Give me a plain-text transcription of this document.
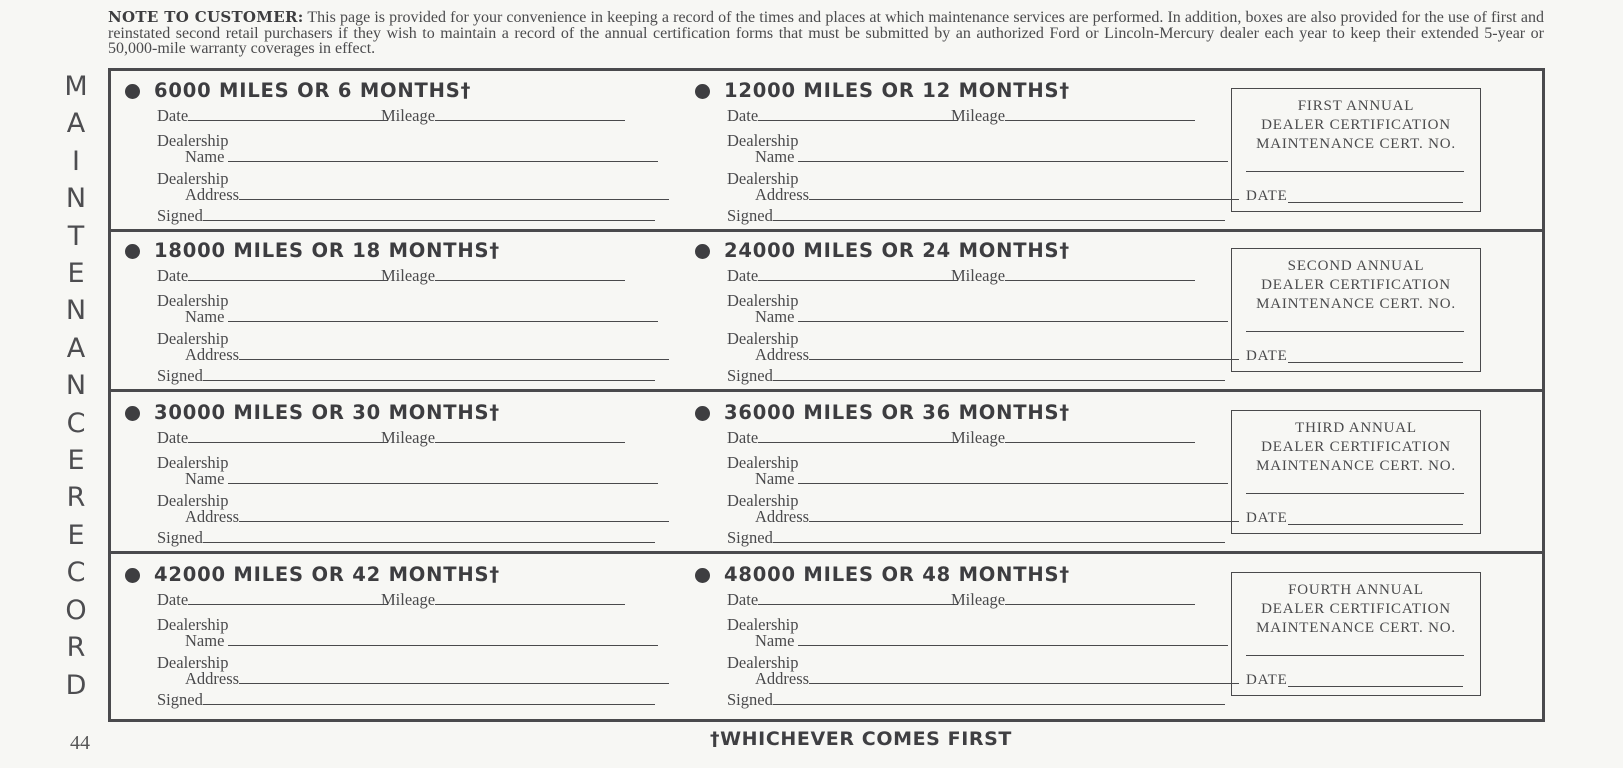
NOTE TO CUSTOMER: This page is provided for your convenience in keeping a record of the times and places at which maintenance services are performed. In addition, boxes are also provided for the use of first and reinstated second retail purchasers if they wish to maintain a record of the annual certification forms that must be submitted by an authorized Ford or Lincoln-Mercury dealer each year to keep their extended 5-year or 50,000-mile warranty coverages in effect.
M
A
I
N
T
E
N
A
N
C
E
R
E
C
O
R
D
6000 MILES OR 6 MONTHS†
Date	Mileage
Dealership
Name
Dealership
Address
Signed
12000 MILES OR 12 MONTHS†
Date	Mileage
Dealership
Name
Dealership
Address
Signed
FIRST ANNUAL
DEALER CERTIFICATION
MAINTENANCE CERT. NO.
DATE
18000 MILES OR 18 MONTHS†
Date	Mileage
Dealership
Name
Dealership
Address
Signed
24000 MILES OR 24 MONTHS†
Date	Mileage
Dealership
Name
Dealership
Address
Signed
SECOND ANNUAL
DEALER CERTIFICATION
MAINTENANCE CERT. NO.
DATE
30000 MILES OR 30 MONTHS†
Date	Mileage
Dealership
Name
Dealership
Address
Signed
36000 MILES OR 36 MONTHS†
Date	Mileage
Dealership
Name
Dealership
Address
Signed
THIRD ANNUAL
DEALER CERTIFICATION
MAINTENANCE CERT. NO.
DATE
42000 MILES OR 42 MONTHS†
Date	Mileage
Dealership
Name
Dealership
Address
Signed
48000 MILES OR 48 MONTHS†
Date	Mileage
Dealership
Name
Dealership
Address
Signed
FOURTH ANNUAL
DEALER CERTIFICATION
MAINTENANCE CERT. NO.
DATE
44	†WHICHEVER COMES FIRST
